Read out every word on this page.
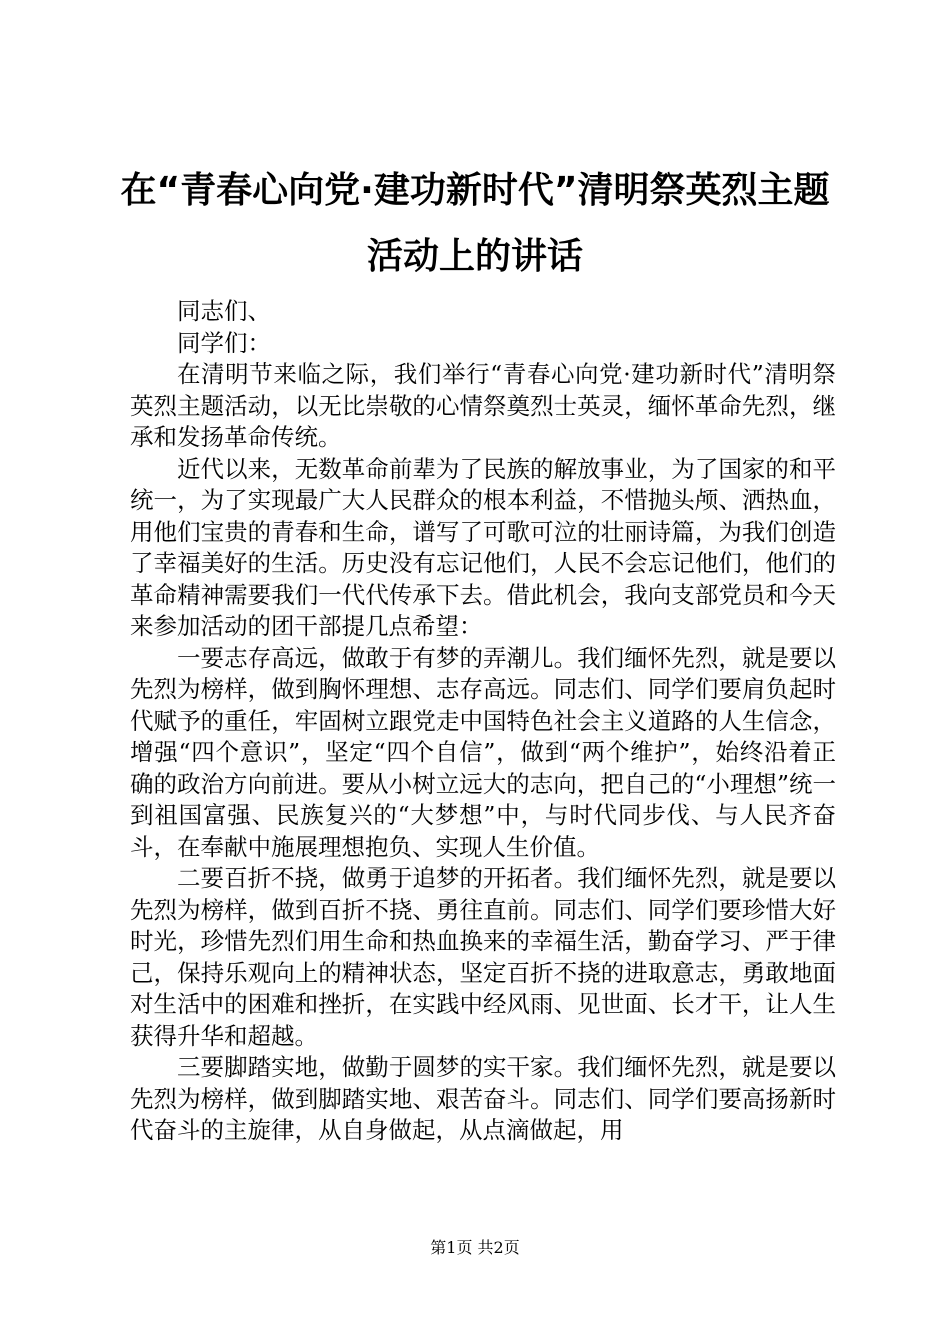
在“青春心向党·建功新时代”清明祭英烈主题活动上的讲话

同志们、

同学们：

在清明节来临之际，我们举行“青春心向党·建功新时代”清明祭英烈主题活动，以无比崇敬的心情祭奠烈士英灵，缅怀革命先烈，继承和发扬革命传统。

近代以来，无数革命前辈为了民族的解放事业，为了国家的和平统一，为了实现最广大人民群众的根本利益，不惜抛头颅、洒热血，用他们宝贵的青春和生命，谱写了可歌可泣的壮丽诗篇，为我们创造了幸福美好的生活。历史没有忘记他们，人民不会忘记他们，他们的革命精神需要我们一代代传承下去。借此机会，我向支部党员和今天来参加活动的团干部提几点希望：

一要志存高远，做敢于有梦的弄潮儿。我们缅怀先烈，就是要以先烈为榜样，做到胸怀理想、志存高远。同志们、同学们要肩负起时代赋予的重任，牢固树立跟党走中国特色社会主义道路的人生信念，增强“四个意识”，坚定“四个自信”，做到“两个维护”，始终沿着正确的政治方向前进。要从小树立远大的志向，把自己的“小理想”统一到祖国富强、民族复兴的“大梦想”中，与时代同步伐、与人民齐奋斗，在奉献中施展理想抱负、实现人生价值。

二要百折不挠，做勇于追梦的开拓者。我们缅怀先烈，就是要以先烈为榜样，做到百折不挠、勇往直前。同志们、同学们要珍惜大好时光，珍惜先烈们用生命和热血换来的幸福生活，勤奋学习、严于律己，保持乐观向上的精神状态，坚定百折不挠的进取意志，勇敢地面对生活中的困难和挫折，在实践中经风雨、见世面、长才干，让人生获得升华和超越。

三要脚踏实地，做勤于圆梦的实干家。我们缅怀先烈，就是要以先烈为榜样，做到脚踏实地、艰苦奋斗。同志们、同学们要高扬新时代奋斗的主旋律，从自身做起，从点滴做起，用

第1页 共2页
